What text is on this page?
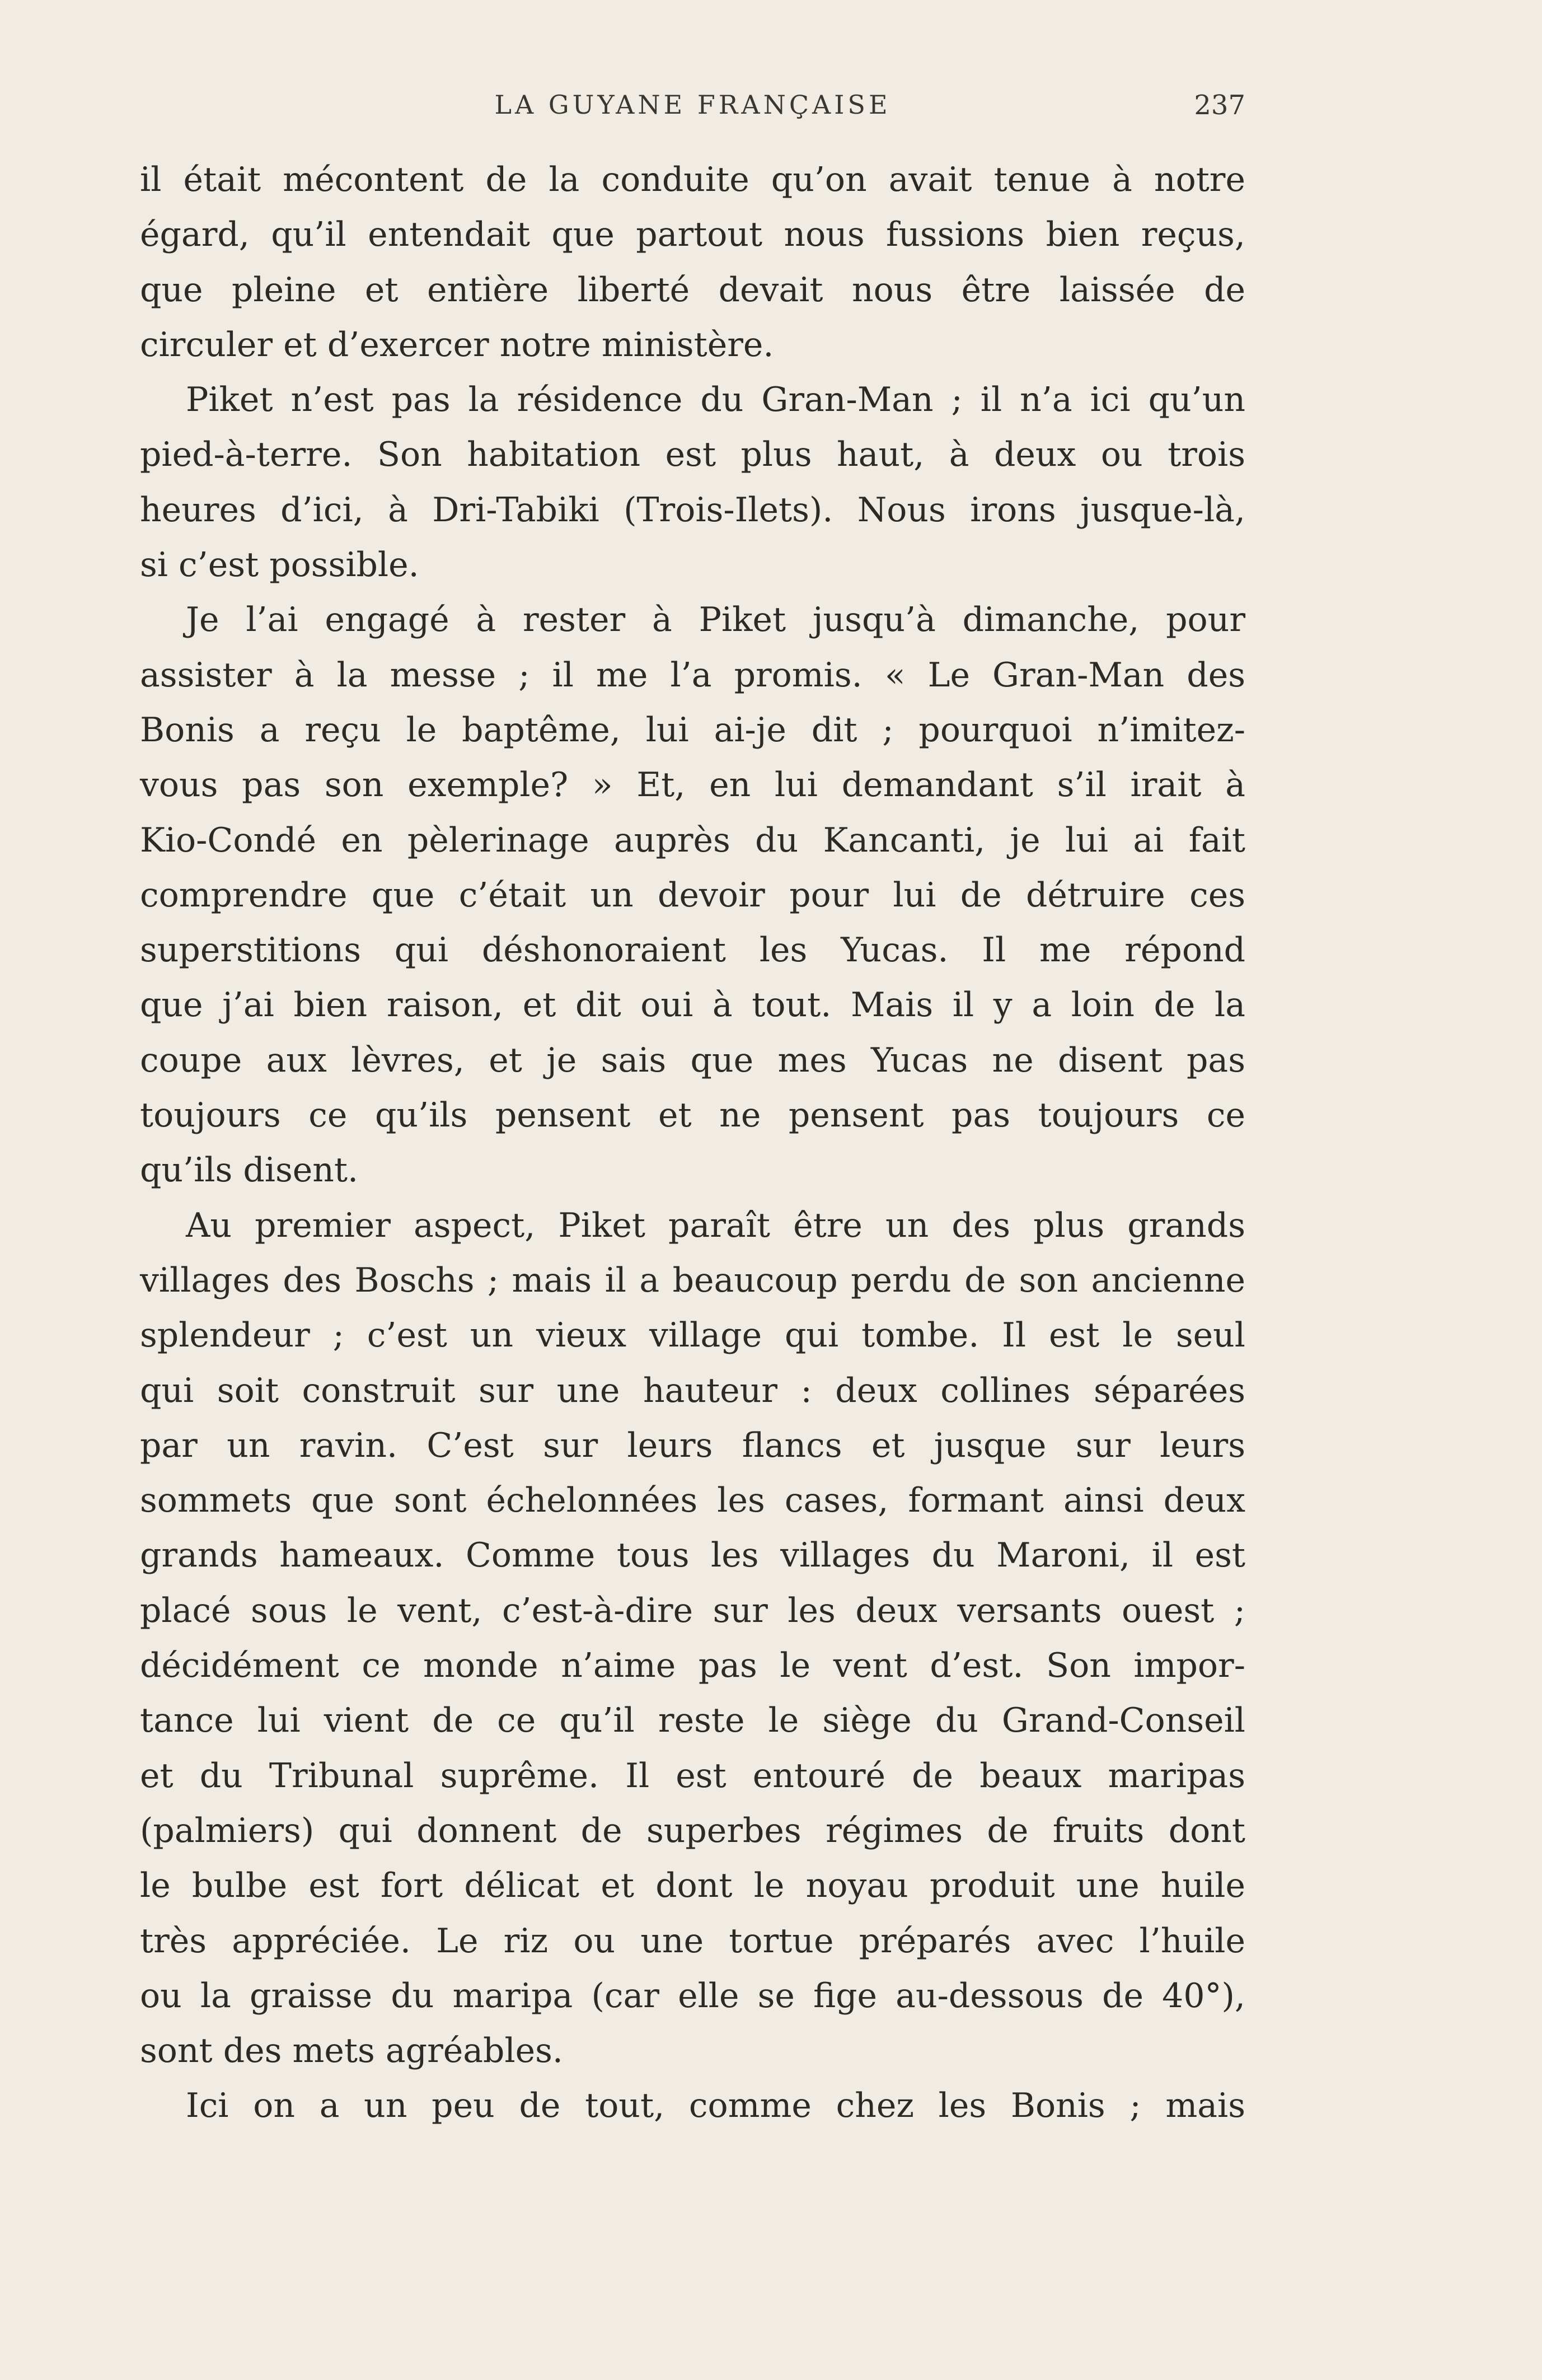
LA GUYANE FRANÇAISE	237
il était mécontent de la conduite qu’on avait tenue à notre
égard, qu’il entendait que partout nous fussions bien reçus,
que pleine et entière liberté devait nous être laissée de
circuler et d’exercer notre ministère.
Piket n’est pas la résidence du Gran-Man ; il n’a ici qu’un
pied-à-terre. Son habitation est plus haut, à deux ou trois
heures d’ici, à Dri-Tabiki (Trois-Ilets). Nous irons jusque-là,
si c’est possible.
Je l’ai engagé à rester à Piket jusqu’à dimanche, pour
assister à la messe ; il me l’a promis. « Le Gran-Man des
Bonis a reçu le baptême, lui ai-je dit ; pourquoi n’imitez-
vous pas son exemple? » Et, en lui demandant s’il irait à
Kio-Condé en pèlerinage auprès du Kancanti, je lui ai fait
comprendre que c’était un devoir pour lui de détruire ces
superstitions qui déshonoraient les Yucas. Il me répond
que j’ai bien raison, et dit oui à tout. Mais il y a loin de la
coupe aux lèvres, et je sais que mes Yucas ne disent pas
toujours ce qu’ils pensent et ne pensent pas toujours ce
qu’ils disent.
Au premier aspect, Piket paraît être un des plus grands
villages des Boschs ; mais il a beaucoup perdu de son ancienne
splendeur ; c’est un vieux village qui tombe. Il est le seul
qui soit construit sur une hauteur : deux collines séparées
par un ravin. C’est sur leurs flancs et jusque sur leurs
sommets que sont échelonnées les cases, formant ainsi deux
grands hameaux. Comme tous les villages du Maroni, il est
placé sous le vent, c’est-à-dire sur les deux versants ouest ;
décidément ce monde n’aime pas le vent d’est. Son impor-
tance lui vient de ce qu’il reste le siège du Grand-Conseil
et du Tribunal suprême. Il est entouré de beaux maripas
(palmiers) qui donnent de superbes régimes de fruits dont
le bulbe est fort délicat et dont le noyau produit une huile
très appréciée. Le riz ou une tortue préparés avec l’huile
ou la graisse du maripa (car elle se fige au-dessous de 40°),
sont des mets agréables.
Ici on a un peu de tout, comme chez les Bonis ; mais
